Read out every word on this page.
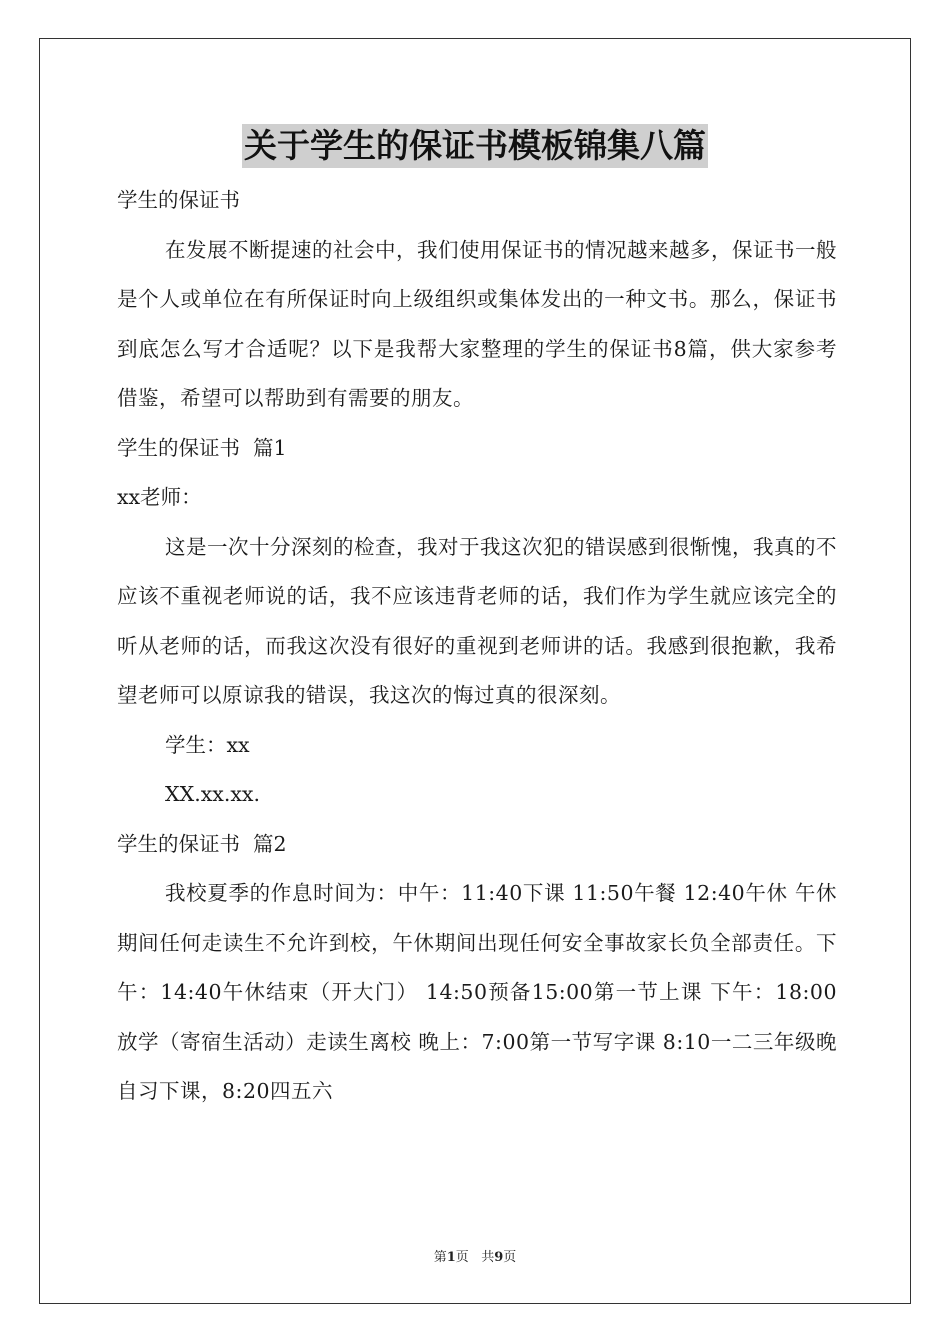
关于学生的保证书模板锦集八篇

学生的保证书

在发展不断提速的社会中，我们使用保证书的情况越来越多，保证书一般是个人或单位在有所保证时向上级组织或集体发出的一种文书。那么，保证书到底怎么写才合适呢？以下是我帮大家整理的学生的保证书8篇，供大家参考借鉴，希望可以帮助到有需要的朋友。

学生的保证书  篇1

xx老师：

这是一次十分深刻的检查，我对于我这次犯的错误感到很惭愧，我真的不应该不重视老师说的话，我不应该违背老师的话，我们作为学生就应该完全的听从老师的话，而我这次没有很好的重视到老师讲的话。我感到很抱歉，我希望老师可以原谅我的错误，我这次的悔过真的很深刻。

学生：xx

XX.xx.xx.

学生的保证书  篇2

我校夏季的作息时间为：中午：11:40下课 11:50午餐 12:40午休 午休期间任何走读生不允许到校，午休期间出现任何安全事故家长负全部责任。下午：14:40午休结束（开大门） 14:50预备15:00第一节上课 下午：18:00放学（寄宿生活动）走读生离校 晚上：7:00第一节写字课 8:10一二三年级晚自习下课，8:20四五六

第1页   共9页
